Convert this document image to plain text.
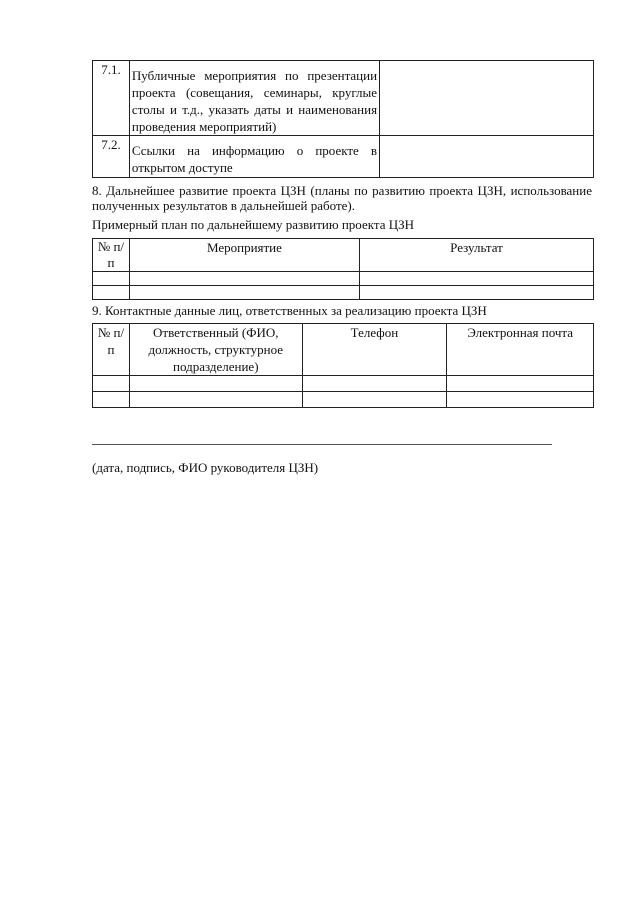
7.1.	Публичные мероприятия по презентации проекта (совещания, семинары, круглые столы и т.д., указать даты и наименования проведения мероприятий)	
7.2.	Ссылки на информацию о проекте в открытом доступе	

8. Дальнейшее развитие проекта ЦЗН (планы по развитию проекта ЦЗН, использование полученных результатов в дальнейшей работе).

Примерный план по дальнейшему развитию проекта ЦЗН

№ п/п	Мероприятие	Результат

9. Контактные данные лиц, ответственных за реализацию проекта ЦЗН

№ п/п	Ответственный (ФИО, должность, структурное подразделение)	Телефон	Электронная почта

(дата, подпись, ФИО руководителя ЦЗН)
